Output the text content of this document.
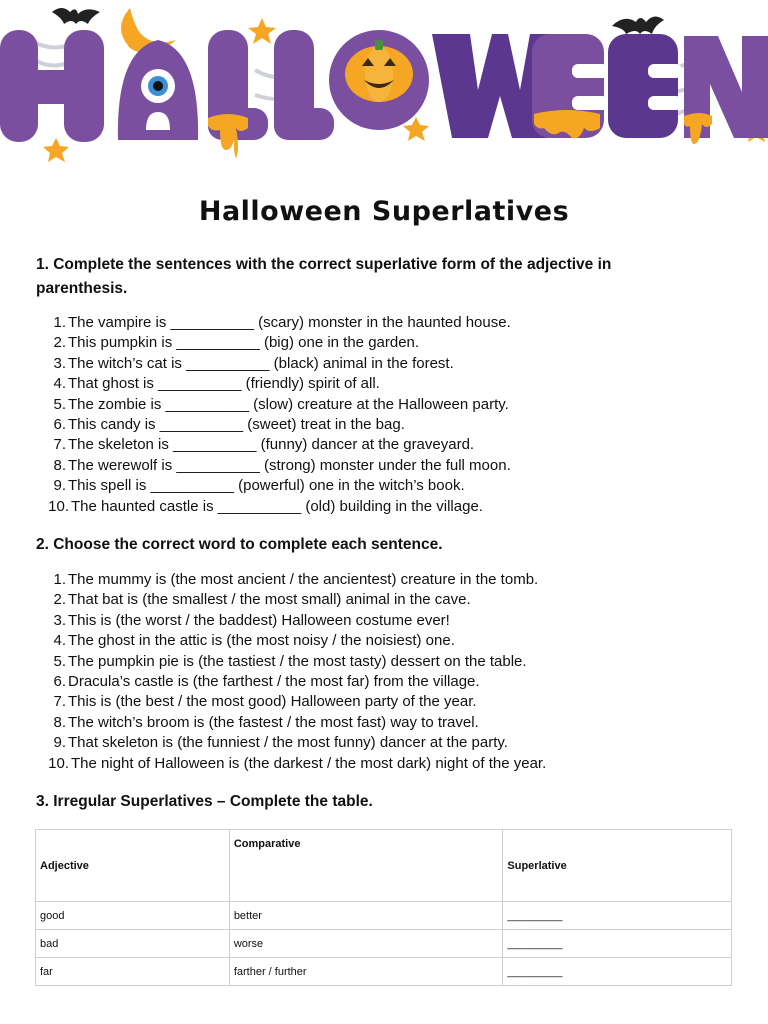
Halloween Superlatives
1. Complete the sentences with the correct superlative form of the adjective in parenthesis.
1. The vampire is __________ (scary) monster in the haunted house.
2. This pumpkin is __________ (big) one in the garden.
3. The witch’s cat is __________ (black) animal in the forest.
4. That ghost is __________ (friendly) spirit of all.
5. The zombie is __________ (slow) creature at the Halloween party.
6. This candy is __________ (sweet) treat in the bag.
7. The skeleton is __________ (funny) dancer at the graveyard.
8. The werewolf is __________ (strong) monster under the full moon.
9. This spell is __________ (powerful) one in the witch’s book.
10. The haunted castle is __________ (old) building in the village.
2. Choose the correct word to complete each sentence.
1. The mummy is (the most ancient / the ancientest) creature in the tomb.
2. That bat is (the smallest / the most small) animal in the cave.
3. This is (the worst / the baddest) Halloween costume ever!
4. The ghost in the attic is (the most noisy / the noisiest) one.
5. The pumpkin pie is (the tastiest / the most tasty) dessert on the table.
6. Dracula’s castle is (the farthest / the most far) from the village.
7. This is (the best / the most good) Halloween party of the year.
8. The witch’s broom is (the fastest / the most fast) way to travel.
9. That skeleton is (the funniest / the most funny) dancer at the party.
10. The night of Halloween is (the darkest / the most dark) night of the year.
3. Irregular Superlatives – Complete the table.
Adjective	Comparative	Superlative
good	better	_________
bad	worse	_________
far	farther / further	_________
